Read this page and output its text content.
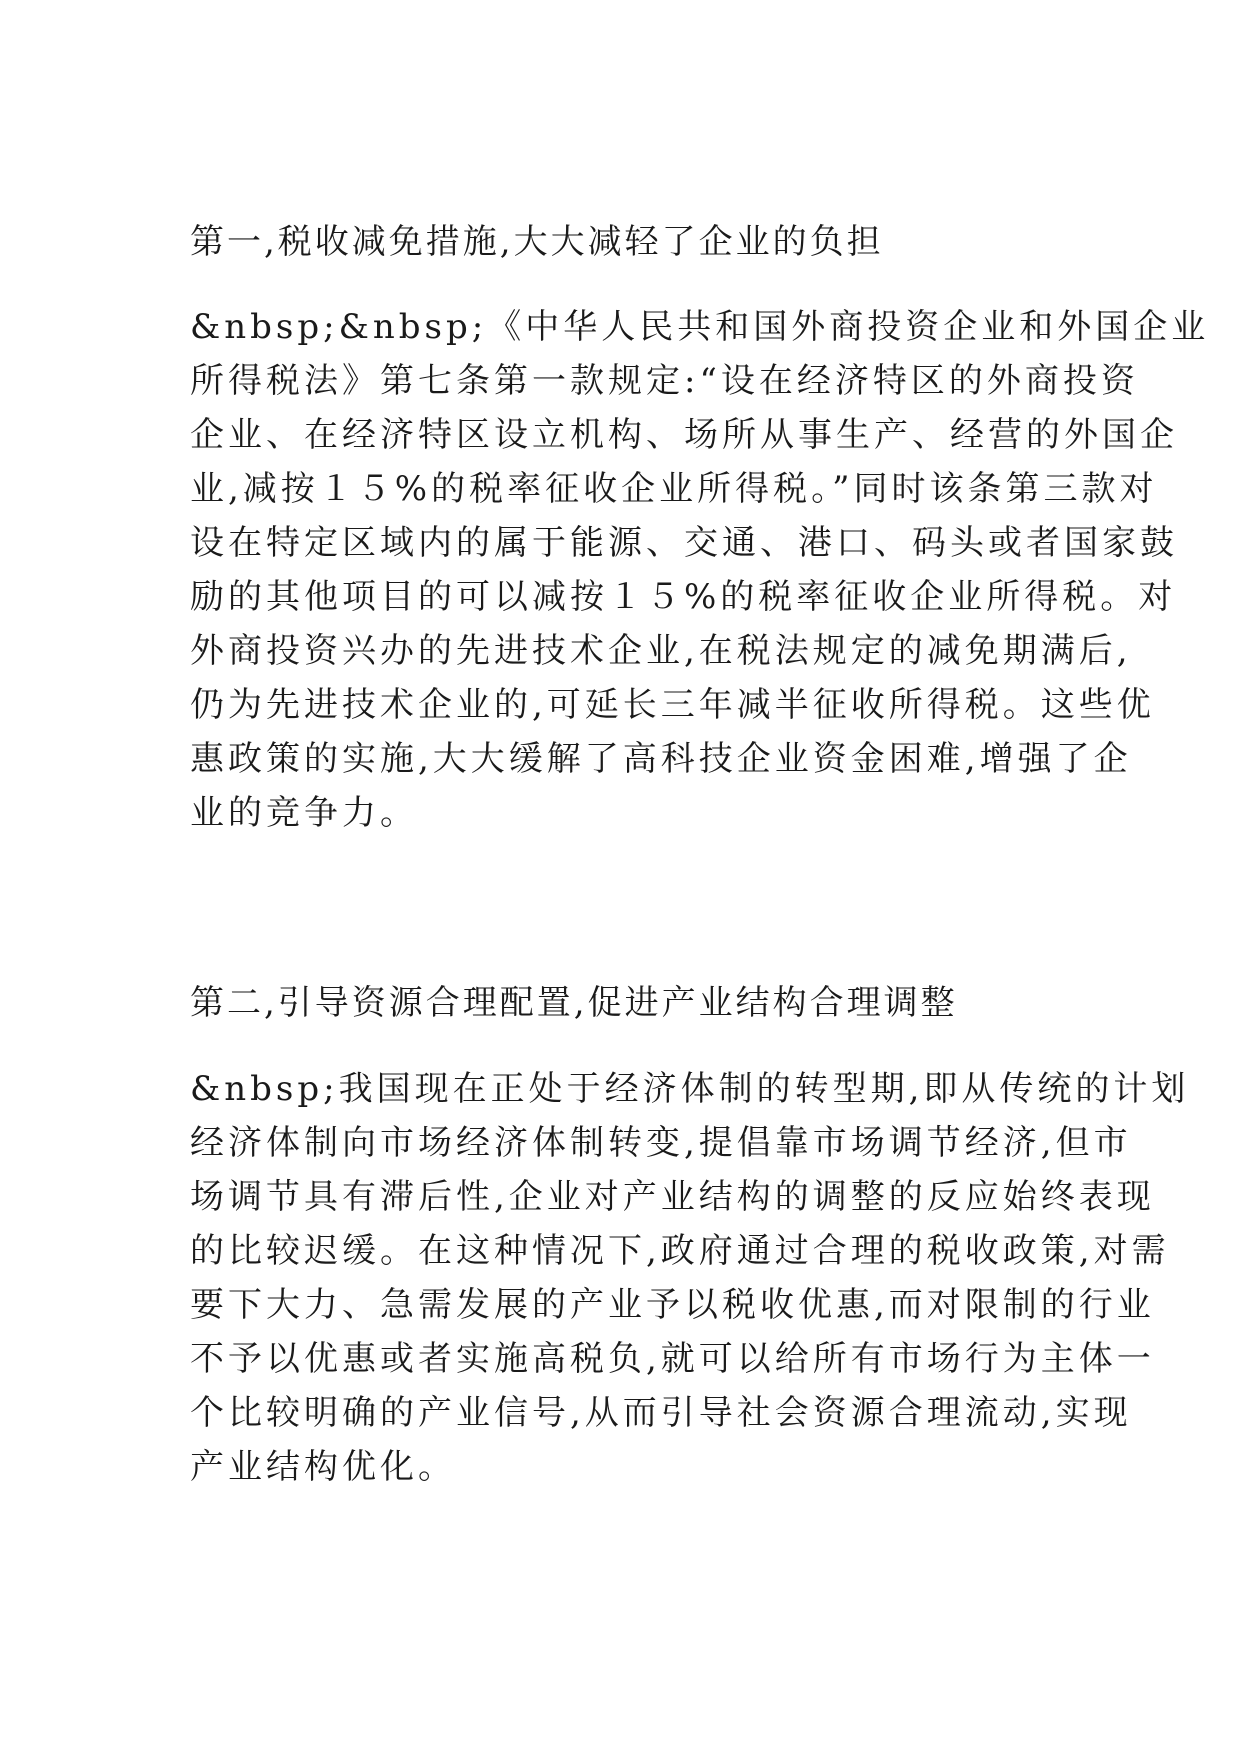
第一,税收减免措施,大大减轻了企业的负担
&nbsp;&nbsp;《中华人民共和国外商投资企业和外国企业
所得税法》第七条第一款规定:“设在经济特区的外商投资
企业、在经济特区设立机构、场所从事生产、经营的外国企
业,减按１５%的税率征收企业所得税。”同时该条第三款对
设在特定区域内的属于能源、交通、港口、码头或者国家鼓
励的其他项目的可以减按１５%的税率征收企业所得税。对
外商投资兴办的先进技术企业,在税法规定的减免期满后,
仍为先进技术企业的,可延长三年减半征收所得税。这些优
惠政策的实施,大大缓解了高科技企业资金困难,增强了企
业的竞争力。
第二,引导资源合理配置,促进产业结构合理调整
&nbsp;我国现在正处于经济体制的转型期,即从传统的计划
经济体制向市场经济体制转变,提倡靠市场调节经济,但市
场调节具有滞后性,企业对产业结构的调整的反应始终表现
的比较迟缓。在这种情况下,政府通过合理的税收政策,对需
要下大力、急需发展的产业予以税收优惠,而对限制的行业
不予以优惠或者实施高税负,就可以给所有市场行为主体一
个比较明确的产业信号,从而引导社会资源合理流动,实现
产业结构优化。
